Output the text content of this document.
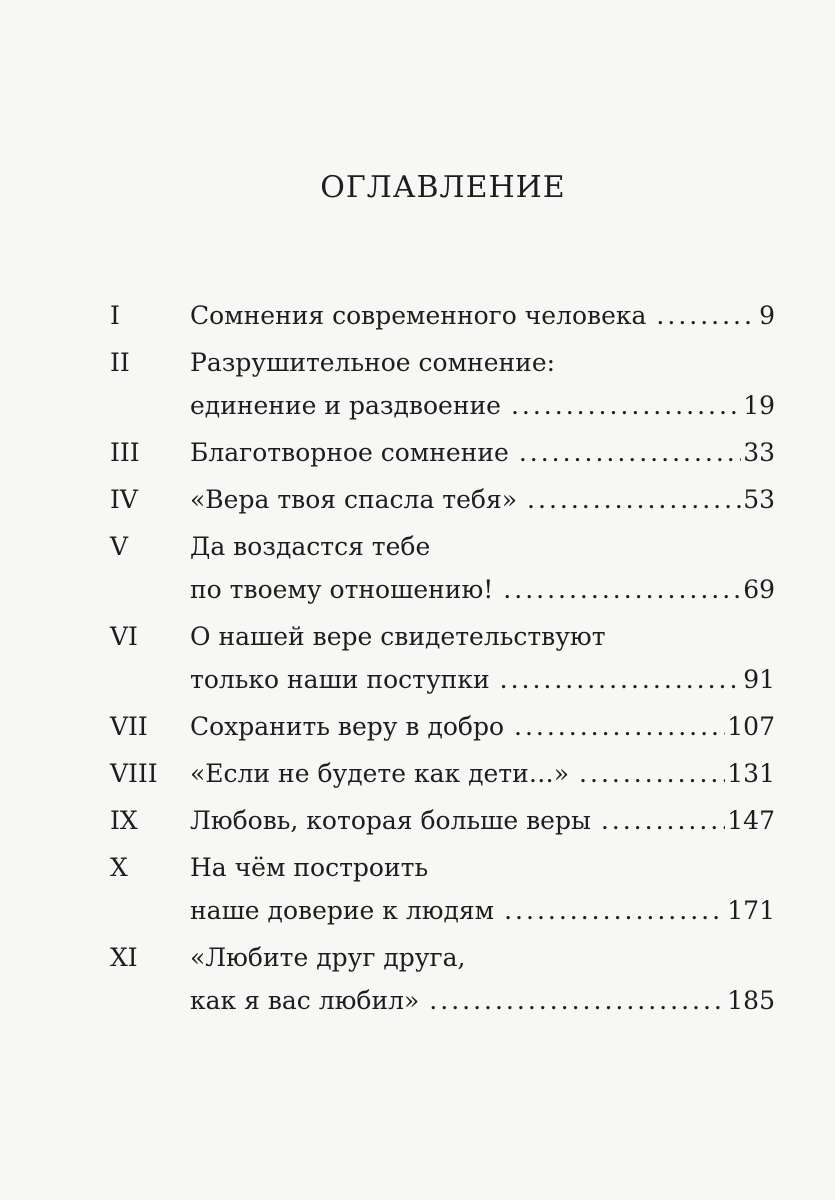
ОГЛАВЛЕНИЕ
I	Сомнения современного человека .....	9
II	Разрушительное сомнение:
единение и раздвоение .....	19
III	Благотворное сомнение .....	33
IV	«Вера твоя спасла тебя» .....	53
V	Да воздастся тебе
по твоему отношению! .....	69
VI	О нашей вере свидетельствуют
только наши поступки .....	91
VII	Сохранить веру в добро .....	107
VIII	«Если не будете как дети…» .....	131
IX	Любовь, которая больше веры .....	147
X	На чём построить
наше доверие к людям .....	171
XI	«Любите друг друга,
как я вас любил» .....	185
